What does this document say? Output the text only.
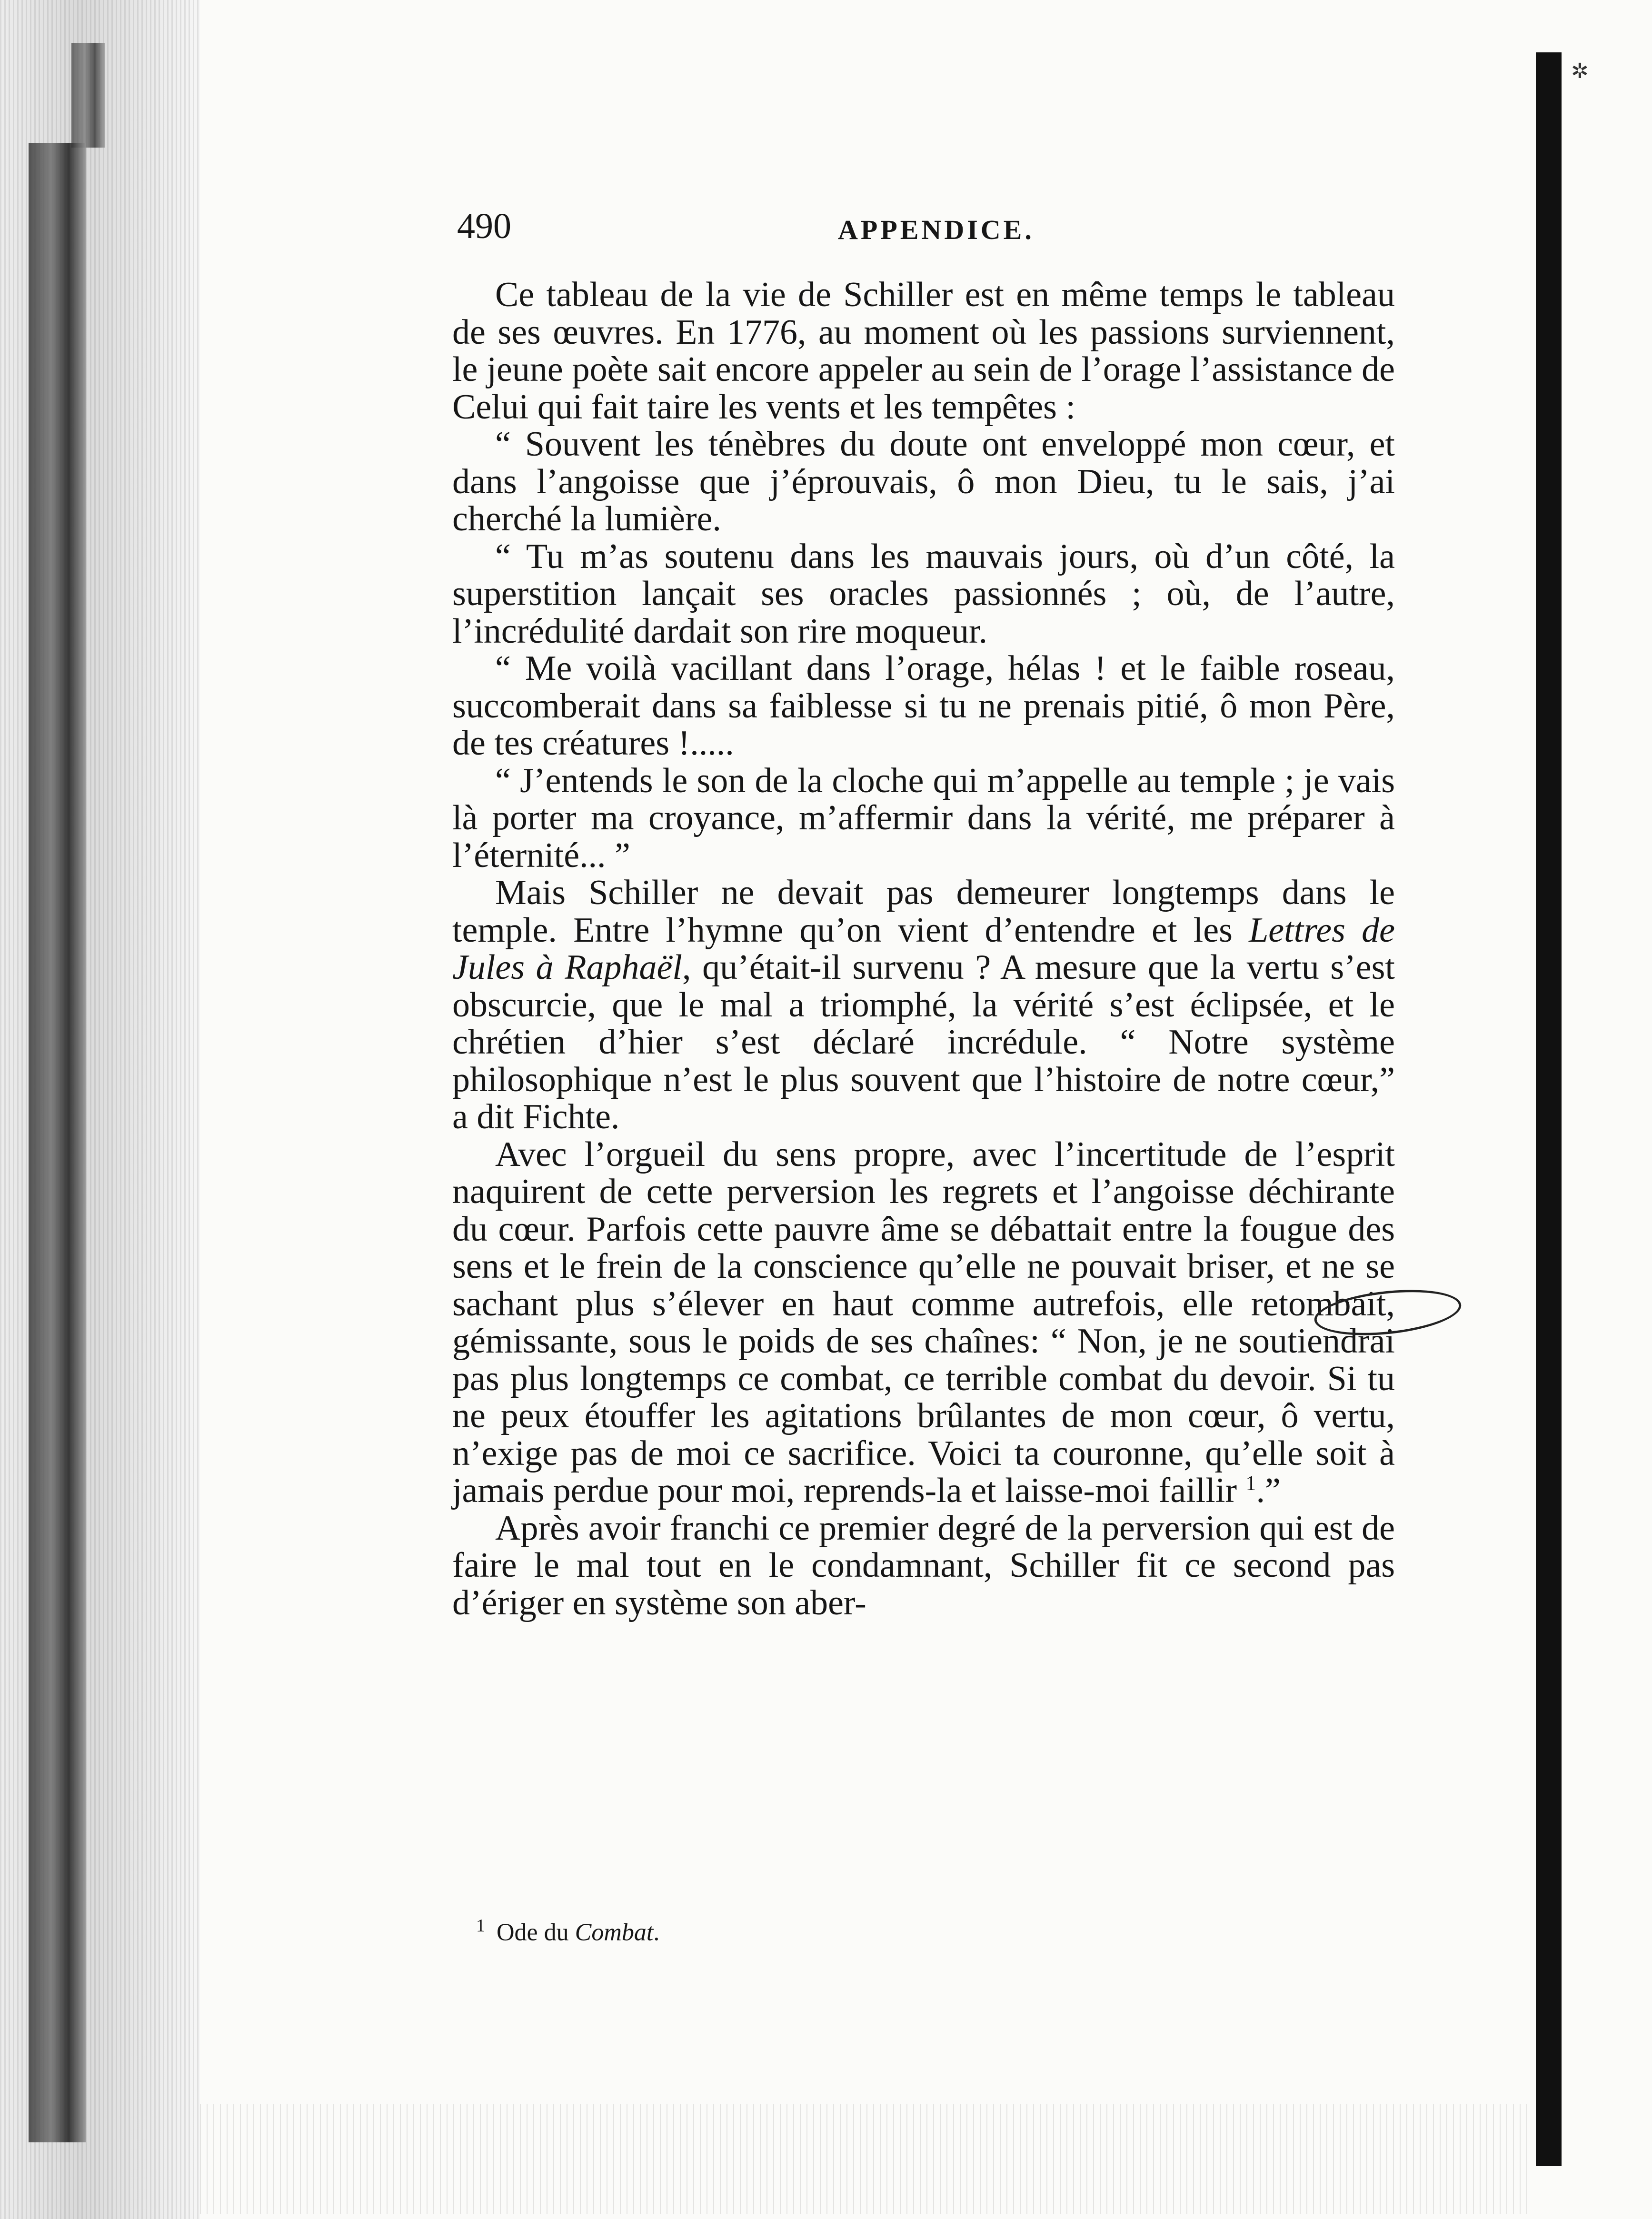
✲
490	APPENDICE.

Ce tableau de la vie de Schiller est en même temps le tableau de ses œuvres. En 1776, au moment où les passions surviennent, le jeune poète sait encore appeler au sein de l’orage l’assistance de Celui qui fait taire les vents et les tempêtes :

“ Souvent les ténèbres du doute ont enveloppé mon cœur, et dans l’angoisse que j’éprouvais, ô mon Dieu, tu le sais, j’ai cherché la lumière.

“ Tu m’as soutenu dans les mauvais jours, où d’un côté, la superstition lançait ses oracles passionnés ; où, de l’autre, l’incrédulité dardait son rire moqueur.

“ Me voilà vacillant dans l’orage, hélas ! et le faible roseau, succomberait dans sa faiblesse si tu ne prenais pitié, ô mon Père, de tes créatures !.....

“ J’entends le son de la cloche qui m’appelle au temple ; je vais là porter ma croyance, m’affermir dans la vérité, me préparer à l’éternité... ”

Mais Schiller ne devait pas demeurer longtemps dans le temple. Entre l’hymne qu’on vient d’entendre et les Lettres de Jules à Raphaël, qu’était-il survenu ? A mesure que la vertu s’est obscurcie, que le mal a triomphé, la vérité s’est éclipsée, et le chrétien d’hier s’est déclaré incrédule. “ Notre système philosophique n’est le plus souvent que l’histoire de notre cœur,” a dit Fichte.

Avec l’orgueil du sens propre, avec l’incertitude de l’esprit naquirent de cette perversion les regrets et l’angoisse déchirante du cœur. Parfois cette pauvre âme se débattait entre la fougue des sens et le frein de la conscience qu’elle ne pouvait briser, et ne se sachant plus s’élever en haut comme autrefois, elle retombait, gémissante, sous le poids de ses chaînes: “ Non, je ne soutiendrai pas plus longtemps ce combat, ce terrible combat du devoir. Si tu ne peux étouffer les agitations brûlantes de mon cœur, ô vertu, n’exige pas de moi ce sacrifice. Voici ta couronne, qu’elle soit à jamais perdue pour moi, reprends-la et laisse-moi faillir $^1$.”

Après avoir franchi ce premier degré de la perversion qui est de faire le mal tout en le condamnant, Schiller fit ce second pas d’ériger en système son aber-

$^1$ Ode du Combat.
